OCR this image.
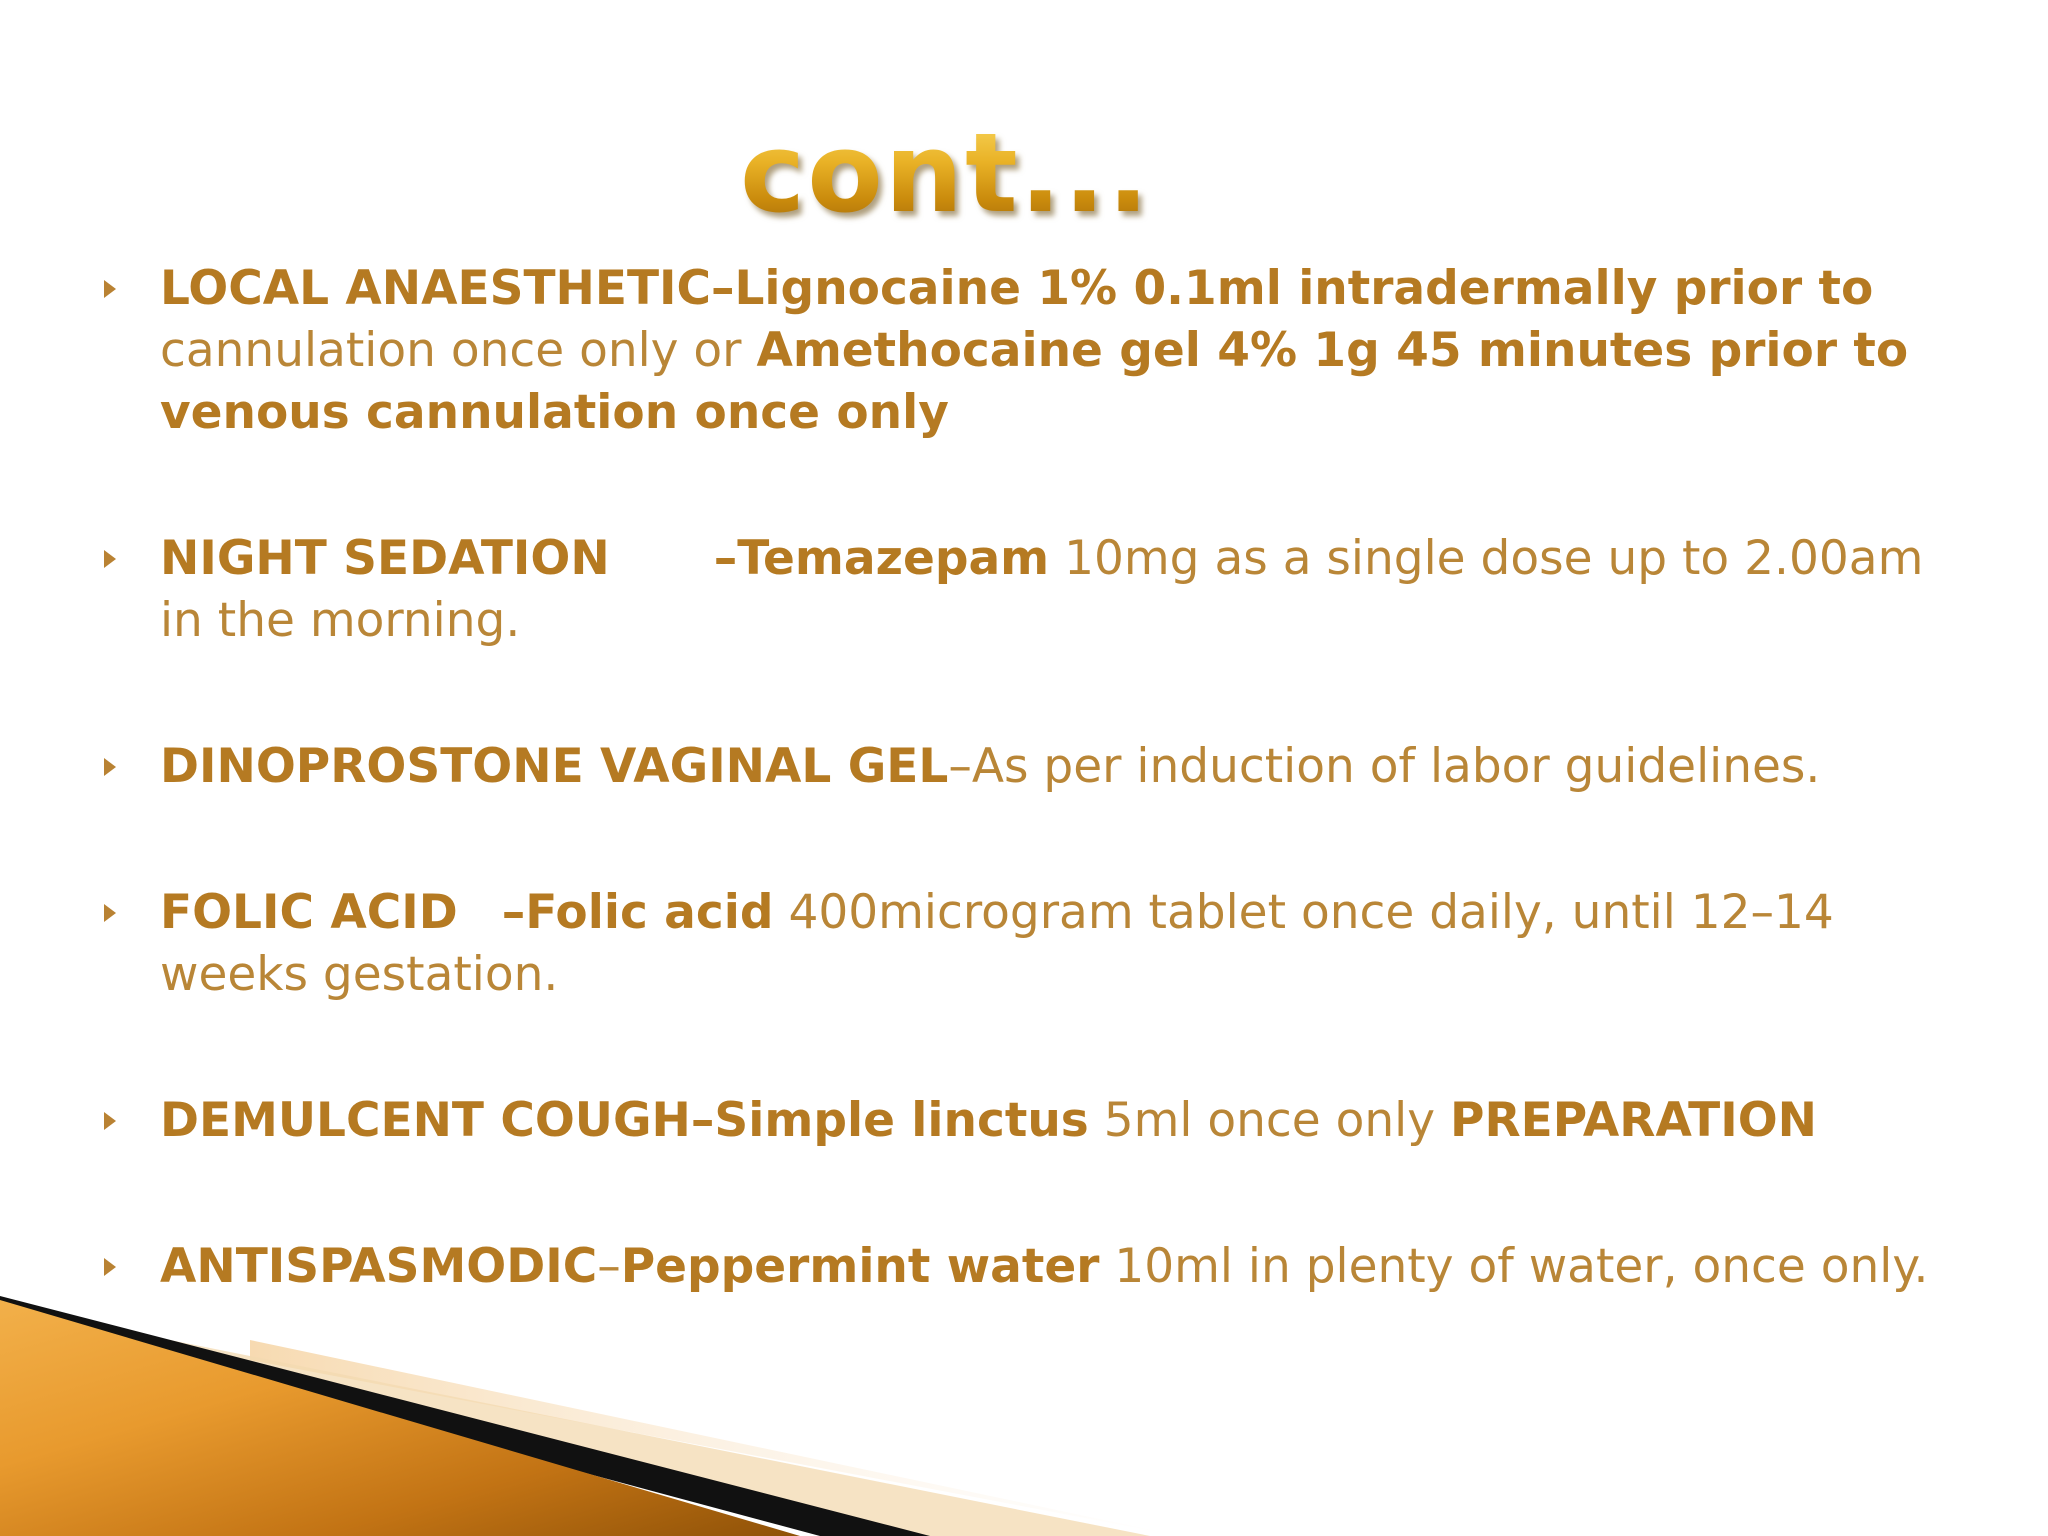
cont...
LOCAL ANAESTHETIC–Lignocaine 1% 0.1ml intradermally prior to
cannulation once only or Amethocaine gel 4% 1g 45 minutes prior to
venous cannulation once only
NIGHT SEDATION –Temazepam 10mg as a single dose up to 2.00am
in the morning.
DINOPROSTONE VAGINAL GEL–As per induction of labor guidelines.
FOLIC ACID –Folic acid 400microgram tablet once daily, until 12–14
weeks gestation.
DEMULCENT COUGH–Simple linctus 5ml once only PREPARATION
ANTISPASMODIC–Peppermint water 10ml in plenty of water, once only.
